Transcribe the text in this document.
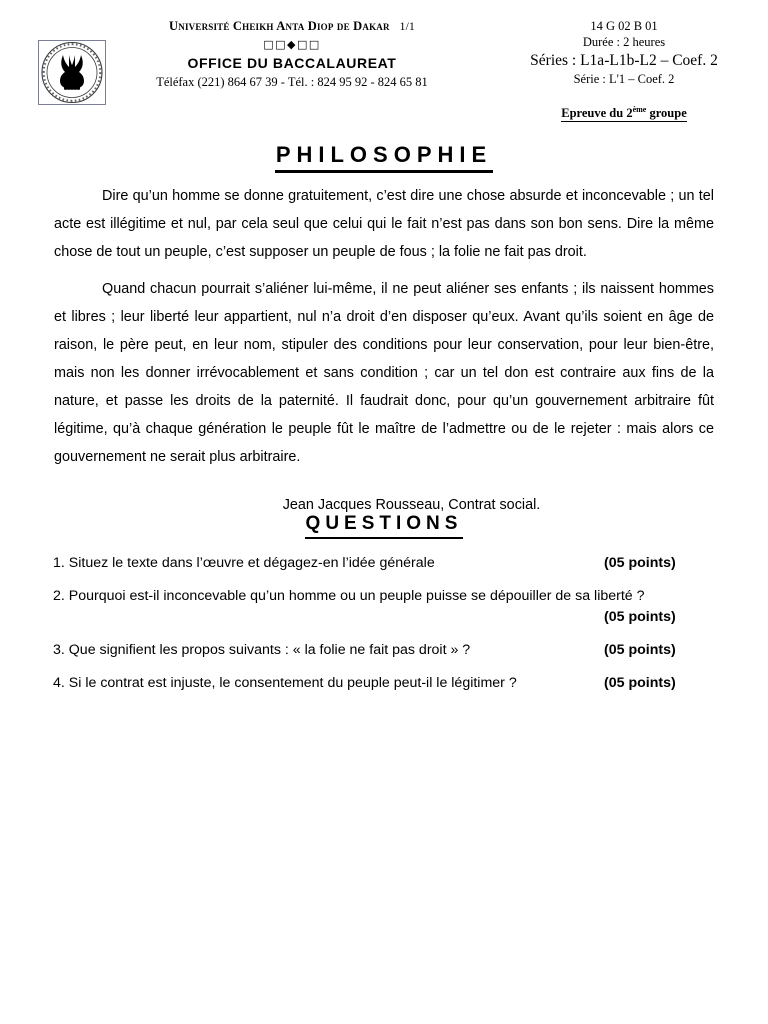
Université Cheikh Anta Diop de Dakar 1/1
□□◆□□
OFFICE DU BACCALAUREAT
Téléfax (221) 864 67 39 - Tél. : 824 95 92 - 824 65 81
14 G 02 B 01
Durée : 2 heures
Séries : L1a-L1b-L2 – Coef. 2
Série : L'1 – Coef. 2
Epreuve du 2ème groupe
PHILOSOPHIE

Dire qu’un homme se donne gratuitement, c’est dire une chose absurde et inconcevable ; un tel acte est illégitime et nul, par cela seul que celui qui le fait n’est pas dans son bon sens. Dire la même chose de tout un peuple, c’est supposer un peuple de fous ; la folie ne fait pas droit.

Quand chacun pourrait s’aliéner lui-même, il ne peut aliéner ses enfants ; ils naissent hommes et libres ; leur liberté leur appartient, nul n’a droit d’en disposer qu’eux. Avant qu’ils soient en âge de raison, le père peut, en leur nom, stipuler des conditions pour leur conservation, pour leur bien-être, mais non les donner irrévocablement et sans condition ; car un tel don est contraire aux fins de la nature, et passe les droits de la paternité. Il faudrait donc, pour qu’un gouvernement arbitraire fût légitime, qu’à chaque génération le peuple fût le maître de l’admettre ou de le rejeter : mais alors ce gouvernement ne serait plus arbitraire.

Jean Jacques Rousseau, Contrat social.

QUESTIONS
1. Situez le texte dans l’œuvre et dégagez-en l’idée générale	(05 points)
2. Pourquoi est-il inconcevable qu’un homme ou un peuple puisse se dépouiller de sa liberté ?
(05 points)
3. Que signifient les propos suivants : « la folie ne fait pas droit » ?	(05 points)
4. Si le contrat est injuste, le consentement du peuple peut-il le légitimer ?	(05 points)
